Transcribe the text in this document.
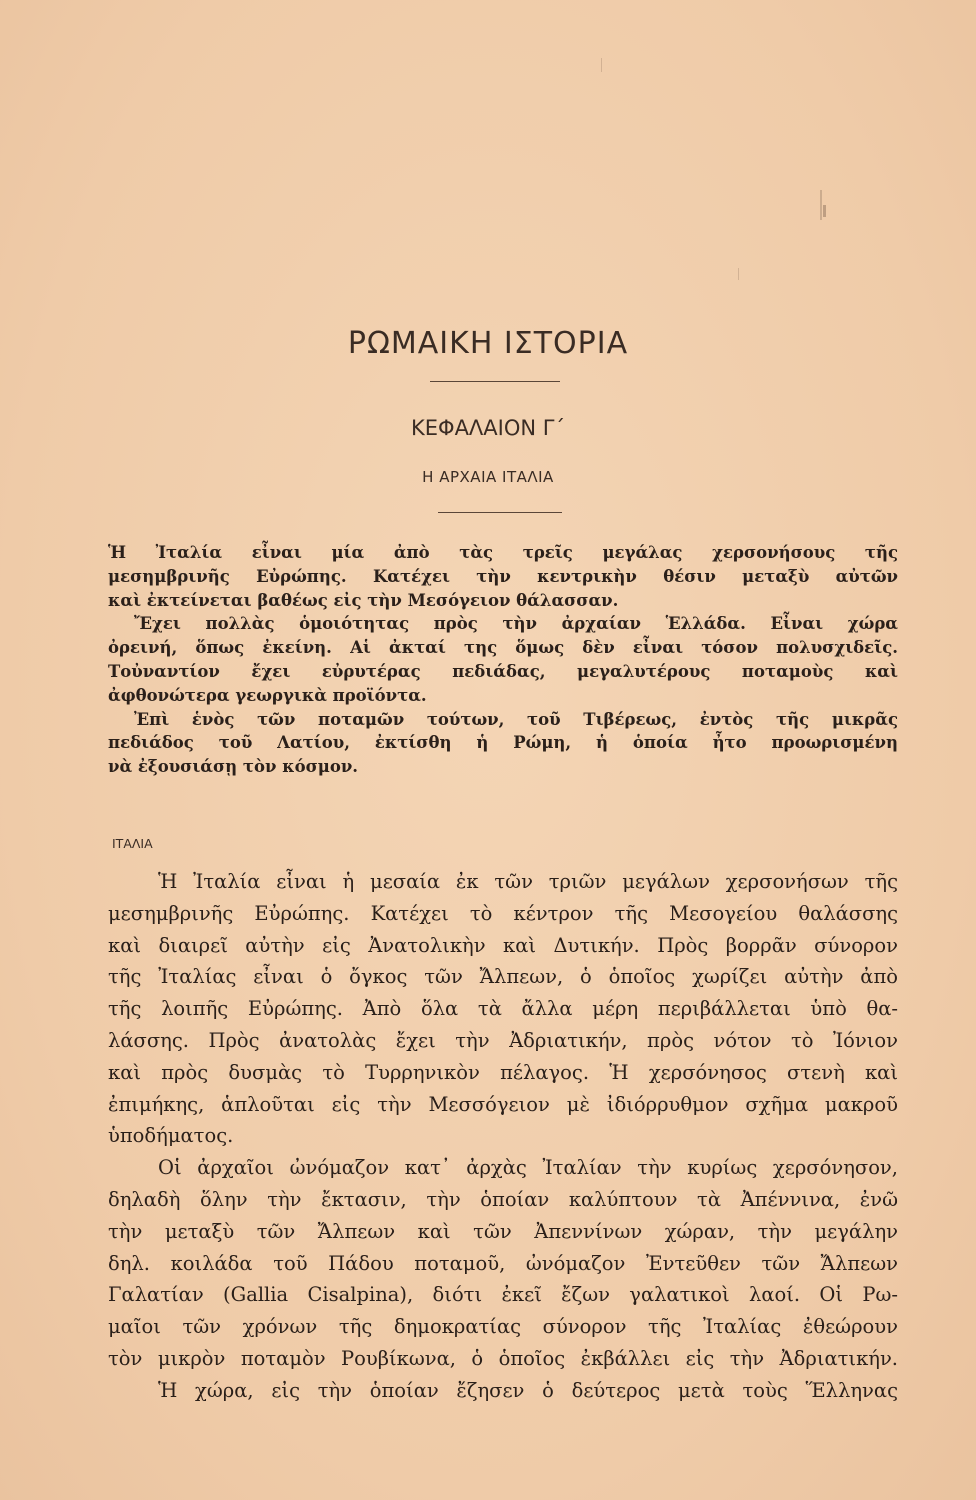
ΡΩΜΑΙΚΗ ΙΣΤΟΡΙΑ
ΚΕΦΑΛΑΙΟΝ Γ΄
Η ΑΡΧΑΙΑ ΙΤΑΛΙΑ

Ἡ Ἰταλία εἶναι μία ἀπὸ τὰς τρεῖς μεγάλας χερσονήσους τῆς

μεσημβρινῆς Εὐρώπης. Κατέχει τὴν κεντρικὴν θέσιν μεταξὺ αὐτῶν

καὶ ἐκτείνεται βαθέως εἰς τὴν Μεσόγειον θάλασσαν.

Ἔχει πολλὰς ὁμοιότητας πρὸς τὴν ἀρχαίαν Ἑλλάδα. Εἶναι χώρα

ὀρεινή, ὅπως ἐκείνη. Αἱ ἀκταί της ὅμως δὲν εἶναι τόσον πολυσχιδεῖς.

Τοὐναντίον ἔχει εὐρυτέρας πεδιάδας, μεγαλυτέρους ποταμοὺς καὶ

ἀφθονώτερα γεωργικὰ προϊόντα.

Ἐπὶ ἑνὸς τῶν ποταμῶν τούτων, τοῦ Τιβέρεως, ἐντὸς τῆς μικρᾶς

πεδιάδος τοῦ Λατίου, ἐκτίσθη ἡ Ρώμη, ἡ ὁποία ἦτο προωρισμένη

νὰ ἐξουσιάσῃ τὸν κόσμον.

ΙΤΑΛΙΑ
Ἡ Ἰταλία εἶναι ἡ μεσαία ἐκ τῶν τριῶν μεγάλων χερσονήσων τῆς
μεσημβρινῆς Εὐρώπης. Κατέχει τὸ κέντρον τῆς Μεσογείου θαλάσσης
καὶ διαιρεῖ αὐτὴν εἰς Ἀνατολικὴν καὶ Δυτικήν. Πρὸς βορρᾶν σύνορον
τῆς Ἰταλίας εἶναι ὁ ὄγκος τῶν Ἄλπεων, ὁ ὁποῖος χωρίζει αὐτὴν ἀπὸ
τῆς λοιπῆς Εὐρώπης. Ἀπὸ ὅλα τὰ ἄλλα μέρη περιβάλλεται ὑπὸ θα-
λάσσης. Πρὸς ἀνατολὰς ἔχει τὴν Ἀδριατικήν, πρὸς νότον τὸ Ἰόνιον
καὶ πρὸς δυσμὰς τὸ Τυρρηνικὸν πέλαγος. Ἡ χερσόνησος στενὴ καὶ
ἐπιμήκης, ἁπλοῦται εἰς τὴν Μεσσόγειον μὲ ἰδιόρρυθμον σχῆμα μακροῦ
ὑποδήματος.
Οἱ ἀρχαῖοι ὠνόμαζον κατ᾽ ἀρχὰς Ἰταλίαν τὴν κυρίως χερσόνησον,
δηλαδὴ ὅλην τὴν ἔκτασιν, τὴν ὁποίαν καλύπτουν τὰ Ἀπέννινα, ἐνῶ
τὴν μεταξὺ τῶν Ἄλπεων καὶ τῶν Ἀπεννίνων χώραν, τὴν μεγάλην
δηλ. κοιλάδα τοῦ Πάδου ποταμοῦ, ὠνόμαζον Ἐντεῦθεν τῶν Ἄλπεων
Γαλατίαν (Gallia Cisalpina), διότι ἐκεῖ ἔζων γαλατικοὶ λαοί. Οἱ Ρω-
μαῖοι τῶν χρόνων τῆς δημοκρατίας σύνορον τῆς Ἰταλίας ἐθεώρουν
τὸν μικρὸν ποταμὸν Ρουβίκωνα, ὁ ὁποῖος ἐκβάλλει εἰς τὴν Ἀδριατικήν.
Ἡ χώρα, εἰς τὴν ὁποίαν ἔζησεν ὁ δεύτερος μετὰ τοὺς Ἕλληνας
